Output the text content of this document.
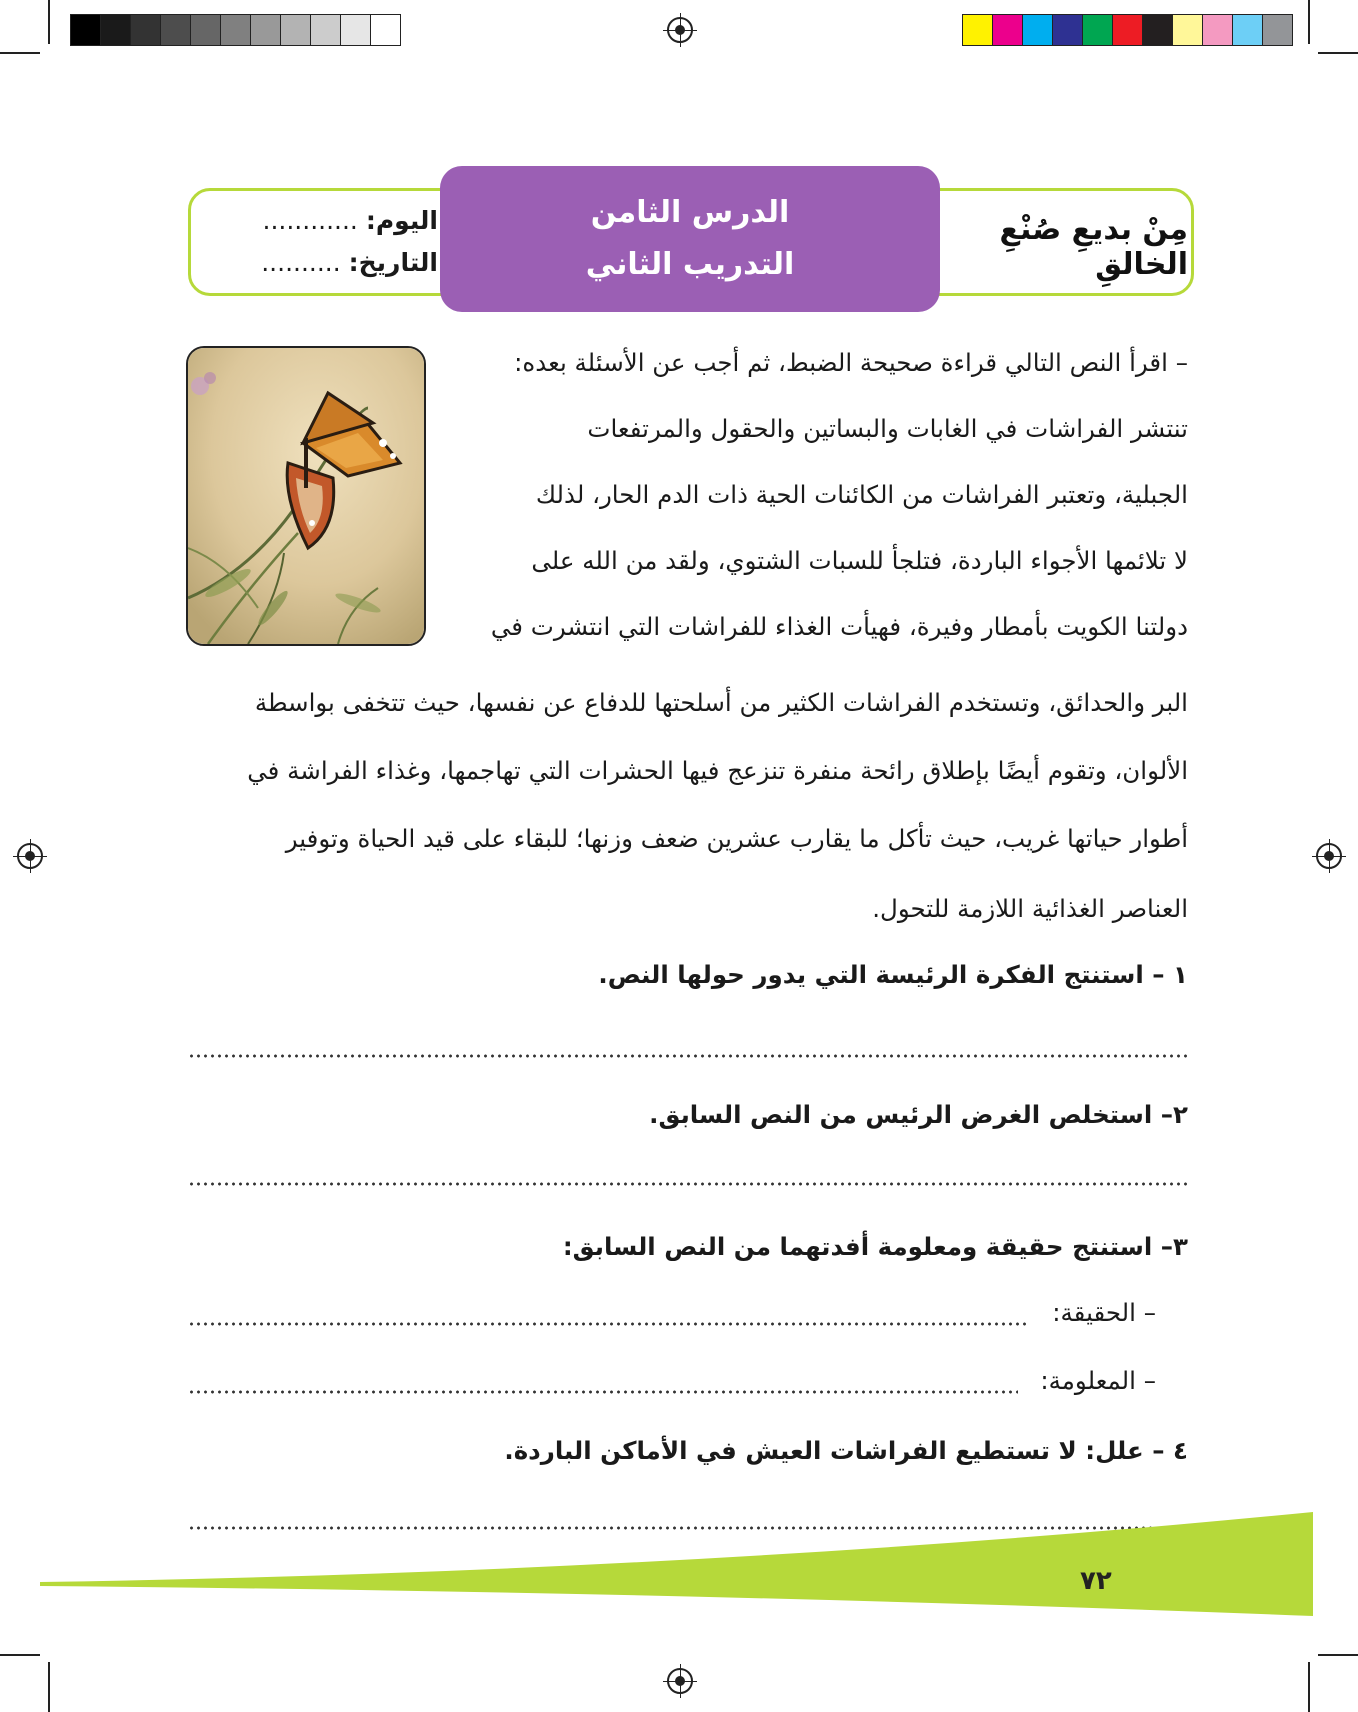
مِنْ بديعِ صُنْعِ الخالقِ
اليوم: ............
التاريخ: ..........
الدرس الثامن
التدريب الثاني
– اقرأ النص التالي قراءة صحيحة الضبط، ثم أجب عن الأسئلة بعده:
تنتشر الفراشات في الغابات والبساتين والحقول والمرتفعات
الجبلية، وتعتبر الفراشات من الكائنات الحية ذات الدم الحار، لذلك
لا تلائمها الأجواء الباردة، فتلجأ للسبات الشتوي، ولقد من الله على
دولتنا الكويت بأمطار وفيرة، فهيأت الغذاء للفراشات التي انتشرت في
البر والحدائق، وتستخدم الفراشات الكثير من أسلحتها للدفاع عن نفسها، حيث تتخفى بواسطة
الألوان، وتقوم أيضًا بإطلاق رائحة منفرة تنزعج فيها الحشرات التي تهاجمها، وغذاء الفراشة في
أطوار حياتها غريب، حيث تأكل ما يقارب عشرين ضعف وزنها؛ للبقاء على قيد الحياة وتوفير
العناصر الغذائية اللازمة للتحول.
١ – استنتج الفكرة الرئيسة التي يدور حولها النص.
٢– استخلص الغرض الرئيس من النص السابق.
٣– استنتج حقيقة ومعلومة أفدتهما من النص السابق:
– الحقيقة:
– المعلومة:
٤ – علل: لا تستطيع الفراشات العيش في الأماكن الباردة.
٧٢
